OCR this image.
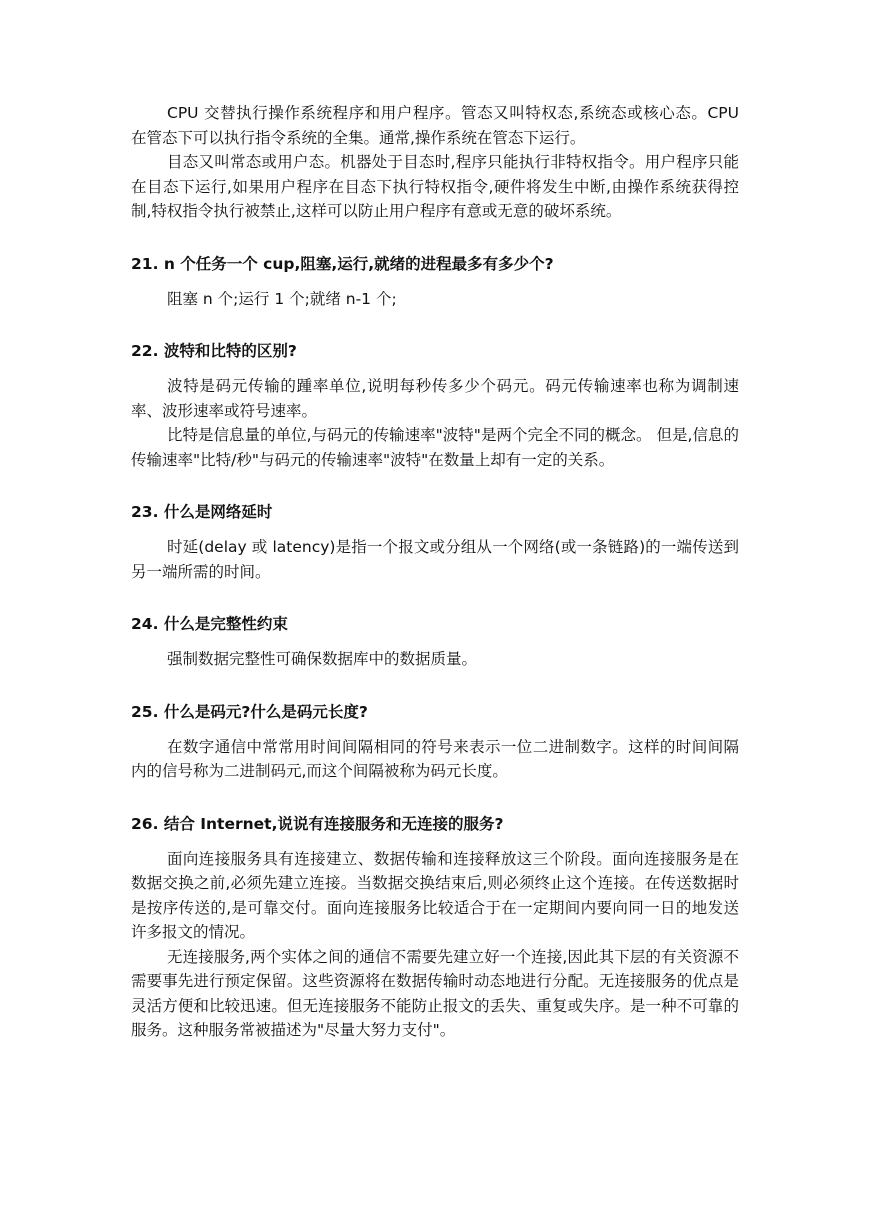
CPU 交替执行操作系统程序和用户程序。管态又叫特权态,系统态或核心态。CPU 在管态下可以执行指令系统的全集。通常,操作系统在管态下运行。

目态又叫常态或用户态。机器处于目态时,程序只能执行非特权指令。用户程序只能在目态下运行,如果用户程序在目态下执行特权指令,硬件将发生中断,由操作系统获得控制,特权指令执行被禁止,这样可以防止用户程序有意或无意的破坏系统。

21. n 个任务一个 cup,阻塞,运行,就绪的进程最多有多少个?

阻塞 n 个;运行 1 个;就绪 n-1 个;

22. 波特和比特的区别?

波特是码元传输的踵率单位,说明每秒传多少个码元。码元传输速率也称为调制速率、波形速率或符号速率。

比特是信息量的单位,与码元的传输速率"波特"是两个完全不同的概念。 但是,信息的传输速率"比特/秒"与码元的传输速率"波特"在数量上却有一定的关系。

23. 什么是网络延时

时延(delay 或 latency)是指一个报文或分组从一个网络(或一条链路)的一端传送到另一端所需的时间。

24. 什么是完整性约束

强制数据完整性可确保数据库中的数据质量。

25. 什么是码元?什么是码元长度?

在数字通信中常常用时间间隔相同的符号来表示一位二进制数字。这样的时间间隔内的信号称为二进制码元,而这个间隔被称为码元长度。

26. 结合 Internet,说说有连接服务和无连接的服务?

面向连接服务具有连接建立、数据传输和连接释放这三个阶段。面向连接服务是在数据交换之前,必须先建立连接。当数据交换结束后,则必须终止这个连接。在传送数据时是按序传送的,是可靠交付。面向连接服务比较适合于在一定期间内要向同一日的地发送许多报文的情况。

无连接服务,两个实体之间的通信不需要先建立好一个连接,因此其下层的有关资源不需要事先进行预定保留。这些资源将在数据传输时动态地进行分配。无连接服务的优点是灵活方便和比较迅速。但无连接服务不能防止报文的丢失、重复或失序。是一种不可靠的服务。这种服务常被描述为"尽量大努力支付"。
